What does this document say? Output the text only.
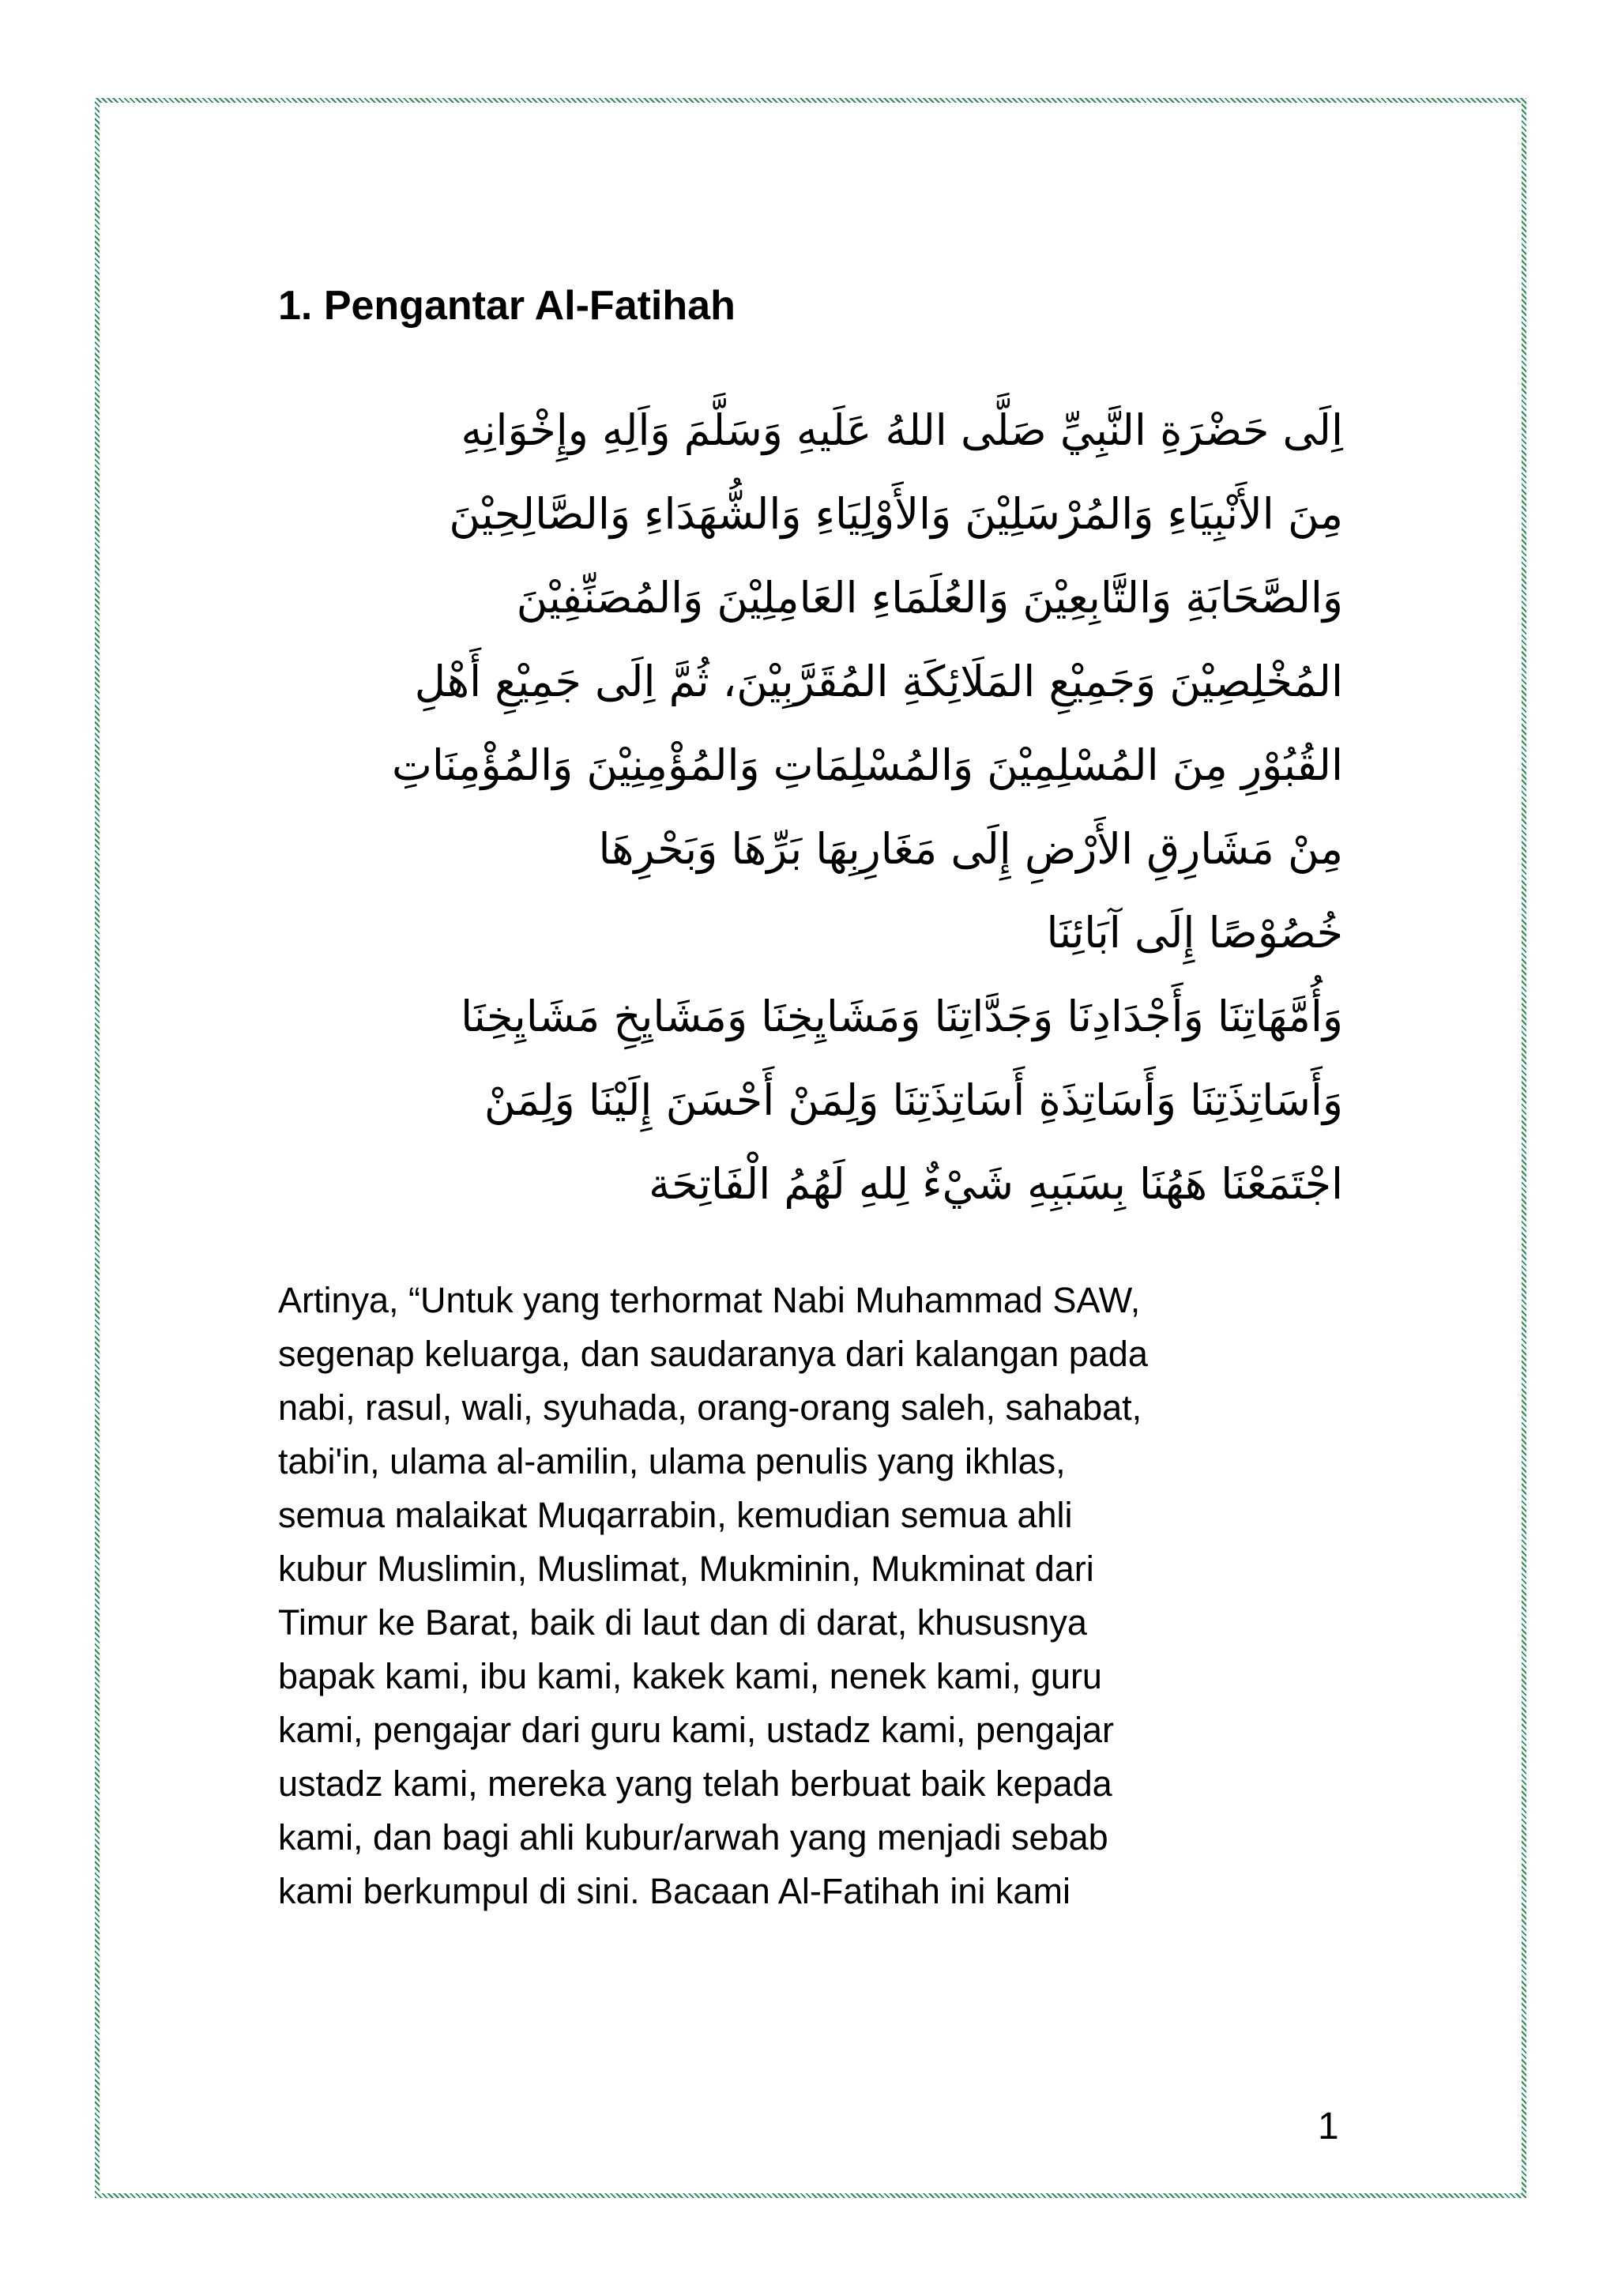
1. Pengantar Al-Fatihah
اِلَى حَضْرَةِ النَّبِيِّ صَلَّى اللهُ عَلَيهِ وَسَلَّمَ وَاَلِهِ وإِخْوَانِهِ
مِنَ الأَنْبِيَاءِ وَالمُرْسَلِيْنَ وَالأَوْلِيَاءِ وَالشُّهَدَاءِ وَالصَّالِحِيْنَ
وَالصَّحَابَةِ وَالتَّابِعِيْنَ وَالعُلَمَاءِ العَامِلِيْنَ وَالمُصَنِّفِيْنَ
المُخْلِصِيْنَ وَجَمِيْعِ المَلَائِكَةِ المُقَرَّبِيْنَ، ثُمَّ اِلَى جَمِيْعِ أَهْلِ
القُبُوْرِ مِنَ المُسْلِمِيْنَ وَالمُسْلِمَاتِ وَالمُؤْمِنِيْنَ وَالمُؤْمِنَاتِ
مِنْ مَشَارِقِ الأَرْضِ إِلَى مَغَارِبِهَا بَرِّهَا وَبَحْرِهَا
خُصُوْصًا إِلَى آبَائِنَا
وَأُمَّهَاتِنَا وَأَجْدَادِنَا وَجَدَّاتِنَا وَمَشَايِخِنَا وَمَشَايِخِ مَشَايِخِنَا
وَأَسَاتِذَتِنَا وَأَسَاتِذَةِ أَسَاتِذَتِنَا وَلِمَنْ أَحْسَنَ إِلَيْنَا وَلِمَنْ
اجْتَمَعْنَا هَهُنَا بِسَبَبِهِ شَيْءٌ لِلهِ لَهُمُ الْفَاتِحَة
Artinya, “Untuk yang terhormat Nabi Muhammad SAW,
segenap keluarga, dan saudaranya dari kalangan pada
nabi, rasul, wali, syuhada, orang-orang saleh, sahabat,
tabi'in, ulama al-amilin, ulama penulis yang ikhlas,
semua malaikat Muqarrabin, kemudian semua ahli
kubur Muslimin, Muslimat, Mukminin, Mukminat dari
Timur ke Barat, baik di laut dan di darat, khususnya
bapak kami, ibu kami, kakek kami, nenek kami, guru
kami, pengajar dari guru kami, ustadz kami, pengajar
ustadz kami, mereka yang telah berbuat baik kepada
kami, dan bagi ahli kubur/arwah yang menjadi sebab
kami berkumpul di sini. Bacaan Al-Fatihah ini kami
1
